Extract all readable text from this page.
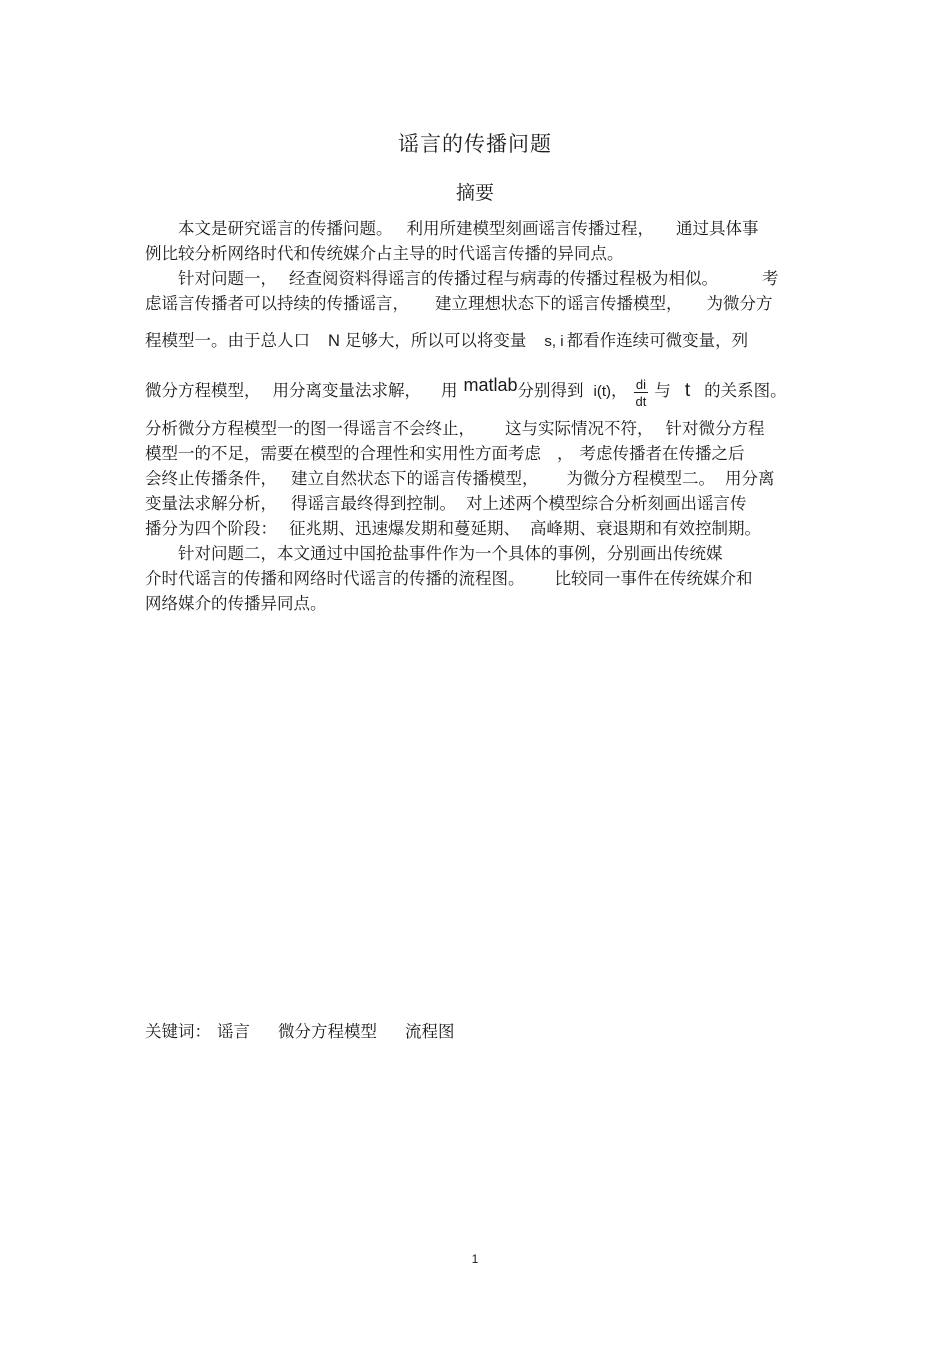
谣言的传播问题
摘要
本文是研究谣言的传播问题。 利用所建模型刻画谣言传播过程， 通过具体事
例比较分析网络时代和传统媒介占主导的时代谣言传播的异同点。
针对问题一， 经查阅资料得谣言的传播过程与病毒的传播过程极为相似。	考
虑谣言传播者可以持续的传播谣言， 建立理想状态下的谣言传播模型， 为微分方
程模型一。由于总人口 N 足够大，所以可以将变量 s, i 都看作连续可微变量，列
微分方程模型， 用分离变量法求解， 用 matlab分别得到 i(t)， $\frac{di}{dt}$ 与 t 的关系图。
分析微分方程模型一的图一得谣言不会终止， 这与实际情况不符， 针对微分方程
模型一的不足，需要在模型的合理性和实用性方面考虑 ， 考虑传播者在传播之后
会终止传播条件， 建立自然状态下的谣言传播模型， 为微分方程模型二。 用分离
变量法求解分析， 得谣言最终得到控制。 对上述两个模型综合分析刻画出谣言传
播分为四个阶段： 征兆期、迅速爆发期和蔓延期、 高峰期、衰退期和有效控制期。
针对问题二，本文通过中国抢盐事件作为一个具体的事例，分别画出传统媒
介时代谣言的传播和网络时代谣言的传播的流程图。 比较同一事件在传统媒介和
网络媒介的传播异同点。
关键词： 谣言 微分方程模型 流程图
1
